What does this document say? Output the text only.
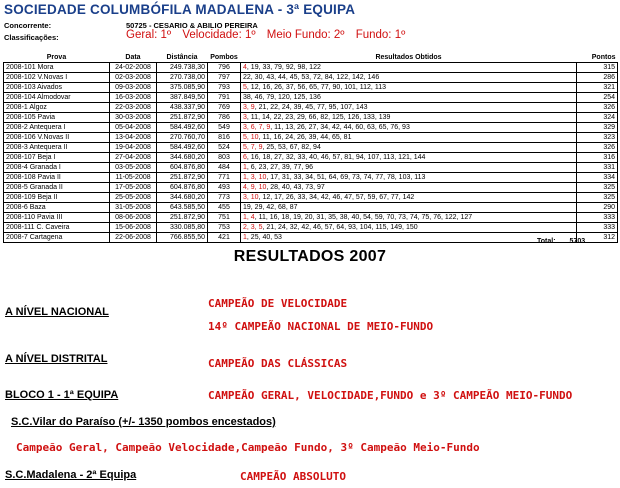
SOCIEDADE COLUMBÓFILA MADALENA - 3ª EQUIPA
Concorrente:	50725 - CESARIO & ABILIO PEREIRA
Classificações:	Geral: 1º Velocidade: 1º Meio Fundo: 2º Fundo: 1º
Prova	Data	Distância	Pombos	Resultados Obtidos	Pontos
2008-101 Mora	24-02-2008	249.738,30	796	4, 19, 33, 79, 92, 98, 122	315
2008-102 V.Novas I	02-03-2008	270.738,00	797	22, 30, 43, 44, 45, 53, 72, 84, 122, 142, 146	286
2008-103 Aivados	09-03-2008	375.085,90	793	5, 12, 16, 26, 37, 56, 65, 77, 90, 101, 112, 113	321
2008-104 Almodovar	16-03-2008	387.849,50	791	38, 46, 79, 120, 125, 136	254
2008-1 Algoz	22-03-2008	438.337,90	769	3, 9, 21, 22, 24, 39, 45, 77, 95, 107, 143	326
2008-105 Pavia	30-03-2008	251.872,90	786	3, 11, 14, 22, 23, 29, 66, 82, 125, 126, 133, 139	324
2008-2 Antequera I	05-04-2008	584.492,60	549	3, 6, 7, 9, 11, 13, 26, 27, 34, 42, 44, 60, 63, 65, 76, 93	329
2008-106 V.Novas II	13-04-2008	270.760,70	816	5, 10, 11, 16, 24, 26, 39, 44, 65, 81	323
2008-3 Antequera II	19-04-2008	584.492,60	524	5, 7, 9, 25, 53, 67, 82, 94	326
2008-107 Beja I	27-04-2008	344.680,20	803	6, 16, 18, 27, 32, 33, 40, 46, 57, 81, 94, 107, 113, 121, 144	316
2008-4 Granada I	03-05-2008	604.876,80	484	1, 6, 23, 27, 39, 77, 96	331
2008-108 Pavia II	11-05-2008	251.872,90	771	1, 3, 10, 17, 31, 33, 34, 51, 64, 69, 73, 74, 77, 78, 103, 113	334
2008-5 Granada II	17-05-2008	604.876,80	493	4, 9, 10, 28, 40, 43, 73, 97	325
2008-109 Beja II	25-05-2008	344.680,20	773	3, 10, 12, 17, 26, 33, 34, 42, 46, 47, 57, 59, 67, 77, 142	325
2008-6 Baza	31-05-2008	643.585,50	455	19, 29, 42, 68, 87	290
2008-110 Pavia III	08-06-2008	251.872,90	751	1, 4, 11, 16, 18, 19, 20, 31, 35, 38, 40, 54, 59, 70, 73, 74, 75, 76, 122, 127	333
2008-111 C. Caveira	15-06-2008	330.085,80	753	2, 3, 5, 21, 24, 32, 42, 46, 57, 64, 93, 104, 115, 149, 150	333
2008-7 Cartagena	22-06-2008	766.855,50	421	1, 25, 40, 53	312
Total: 5703
RESULTADOS 2007
A NÍVEL NACIONAL
CAMPEÃO DE VELOCIDADE
14º CAMPEÃO NACIONAL DE MEIO-FUNDO
A NÍVEL DISTRITAL	CAMPEÃO DAS CLÁSSICAS
BLOCO 1 - 1ª EQUIPA	CAMPEÃO GERAL, VELOCIDADE,FUNDO e 3º CAMPEÃO MEIO-FUNDO
S.C.Vilar do Paraíso (+/- 1350 pombos encestados)
Campeão Geral, Campeão Velocidade,Campeão Fundo, 3º Campeão Meio-Fundo
S.C.Madalena - 2ª Equipa	CAMPEÃO ABSOLUTO
